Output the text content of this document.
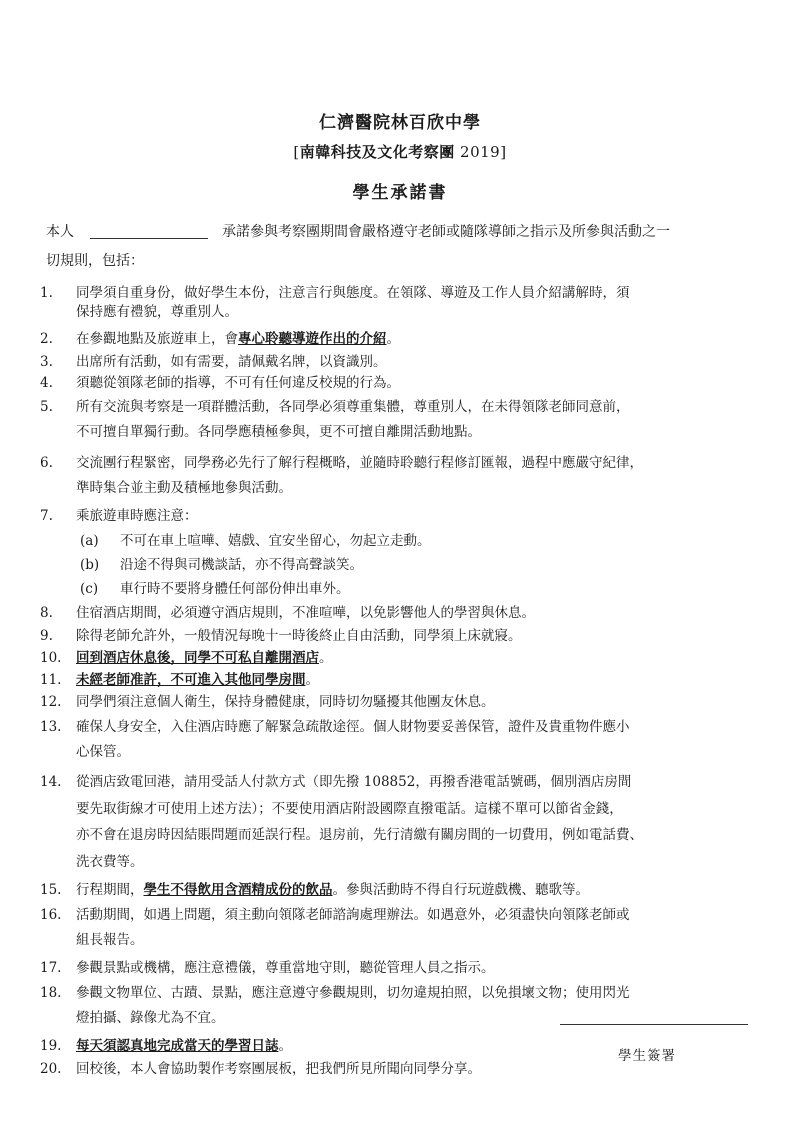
仁濟醫院林百欣中學
[南韓科技及文化考察團 2019]
學生承諾書
本人	承諾參與考察團期間會嚴格遵守老師或隨隊導師之指示及所參與活動之一
切規則，包括：
1.	同學須自重身份，做好學生本份，注意言行與態度。在領隊、導遊及工作人員介紹講解時，須
保持應有禮貌，尊重別人。
2.	在參觀地點及旅遊車上，會專心聆聽導遊作出的介紹。
3.	出席所有活動，如有需要，請佩戴名牌，以資識別。
4.	須聽從領隊老師的指導，不可有任何違反校規的行為。
5.	所有交流與考察是一項群體活動，各同學必須尊重集體，尊重別人，在未得領隊老師同意前，
不可擅自單獨行動。各同學應積極參與，更不可擅自離開活動地點。
6.	交流團行程緊密，同學務必先行了解行程概略，並隨時聆聽行程修訂匯報，過程中應嚴守紀律，
準時集合並主動及積極地參與活動。
7.	乘旅遊車時應注意：
(a)	不可在車上喧嘩、嬉戲、宜安坐留心，勿起立走動。
(b)	沿途不得與司機談話，亦不得高聲談笑。
(c)	車行時不要將身體任何部份伸出車外。
8.	住宿酒店期間，必須遵守酒店規則，不准喧嘩，以免影響他人的學習與休息。
9.	除得老師允許外，一般情況每晚十一時後終止自由活動，同學須上床就寢。
10.	回到酒店休息後，同學不可私自離開酒店。
11.	未經老師准許，不可進入其他同學房間。
12.	同學們須注意個人衛生，保持身體健康，同時切勿騷擾其他團友休息。
13.	確保人身安全，入住酒店時應了解緊急疏散途徑。個人財物要妥善保管，證件及貴重物件應小
心保管。
14.	從酒店致電回港，請用受話人付款方式（即先撥 108852，再撥香港電話號碼，個別酒店房間
要先取街線才可使用上述方法）；不要使用酒店附設國際直撥電話。這樣不單可以節省金錢，
亦不會在退房時因結賬問題而延誤行程。退房前，先行清繳有關房間的一切費用，例如電話費、
洗衣費等。
15.	行程期間，學生不得飲用含酒精成份的飲品。參與活動時不得自行玩遊戲機、聽歌等。
16.	活動期間，如遇上問題，須主動向領隊老師諮詢處理辦法。如遇意外，必須盡快向領隊老師或
組長報告。
17.	參觀景點或機構，應注意禮儀，尊重當地守則，聽從管理人員之指示。
18.	參觀文物單位、古蹟、景點，應注意遵守參觀規則，切勿違規拍照，以免損壞文物；使用閃光
燈拍攝、錄像尤為不宜。
19.	每天須認真地完成當天的學習日誌。
20.	回校後，本人會協助製作考察團展板，把我們所見所聞向同學分享。
學生簽署
